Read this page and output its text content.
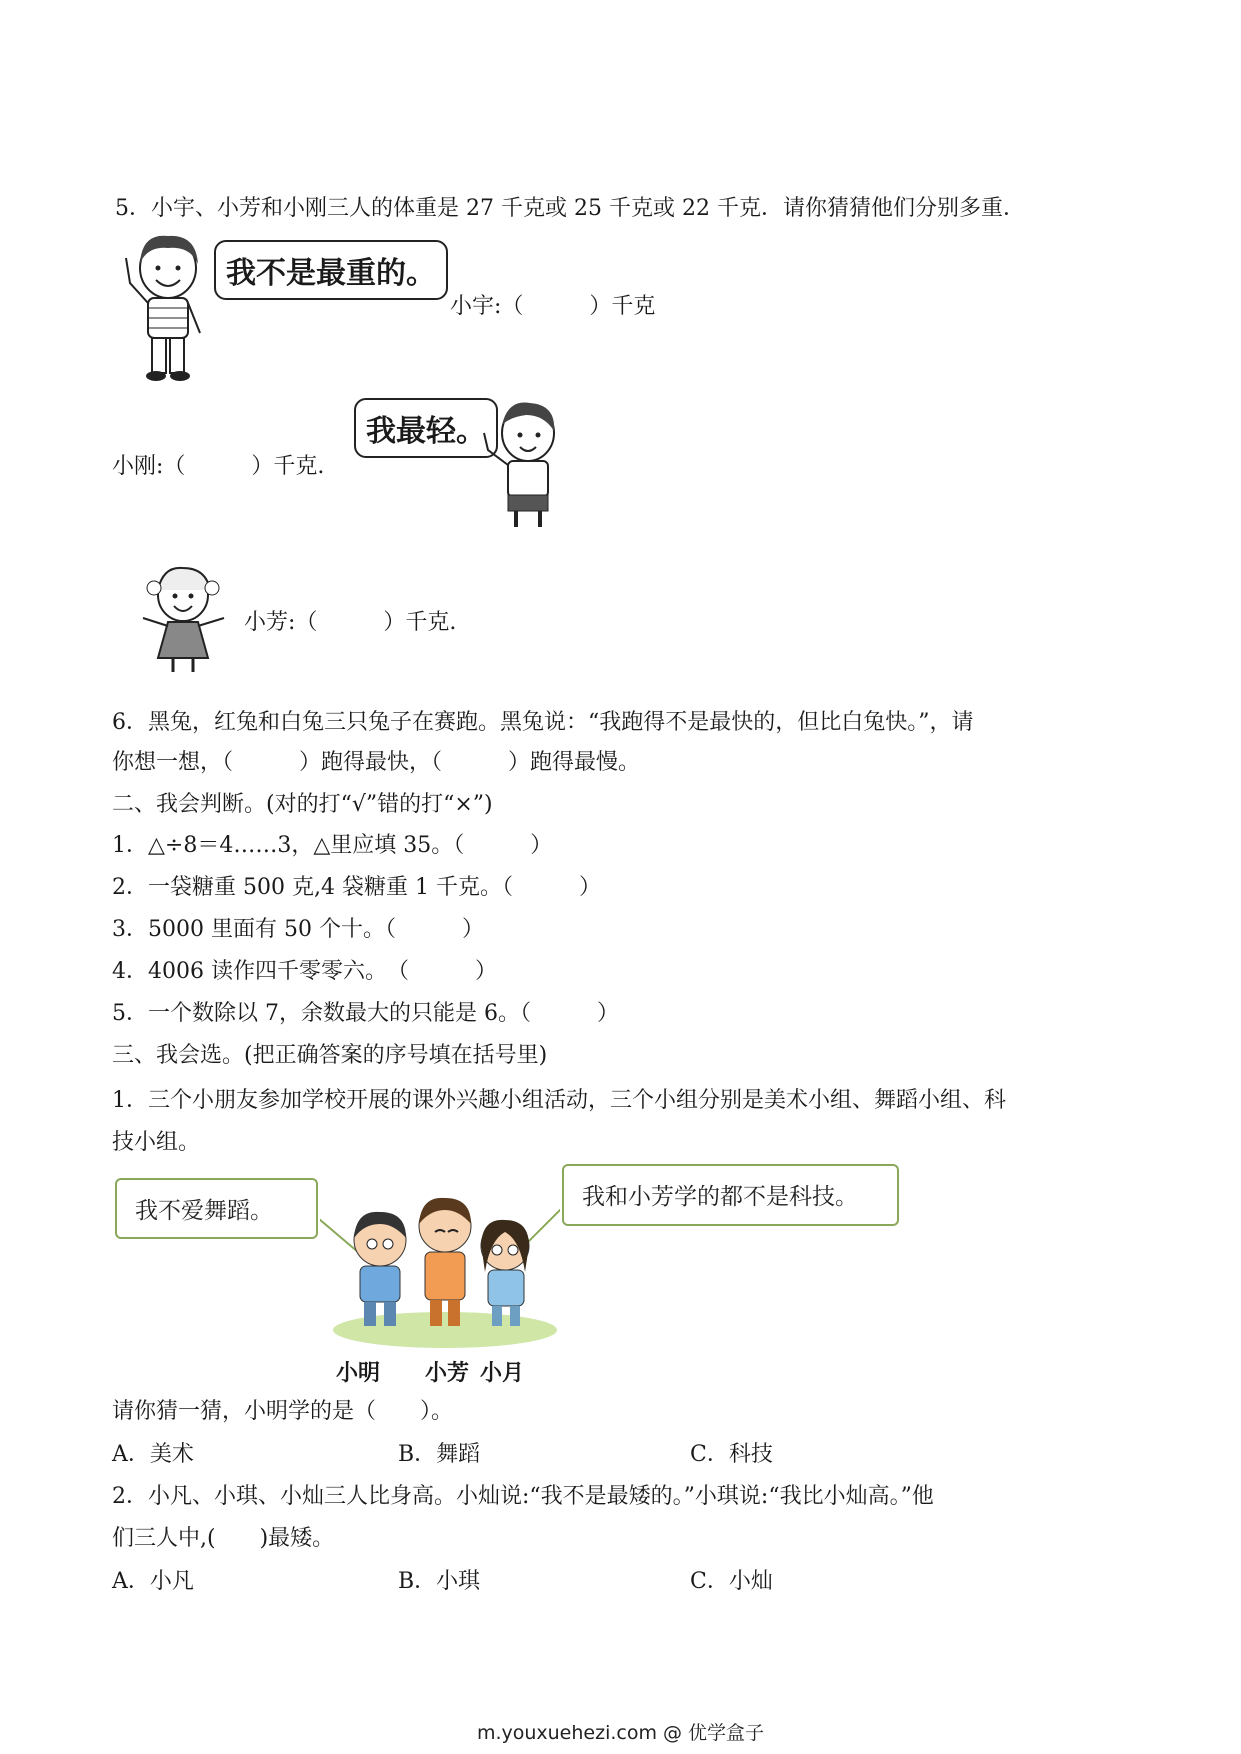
5．小宇、小芳和小刚三人的体重是 27 千克或 25 千克或 22 千克．请你猜猜他们分别多重．
我不是最重的。
小宇:（　　　）千克
小刚:（　　　）千克.
我最轻。
小芳:（　　　）千克.
6．黑兔，红兔和白兔三只兔子在赛跑。黑兔说：“我跑得不是最快的，但比白兔快。”，请
你想一想，（　　　）跑得最快，（　　　）跑得最慢。
二、我会判断。(对的打“√”错的打“×”)
1．△÷8＝4……3，△里应填 35。（　　　）
2．一袋糖重 500 克,4 袋糖重 1 千克。（　　　）
3．5000 里面有 50 个十。（　　　）
4．4006 读作四千零零六。　（　　　）
5．一个数除以 7，余数最大的只能是 6。（　　　）
三、我会选。(把正确答案的序号填在括号里)
1．三个小朋友参加学校开展的课外兴趣小组活动，三个小组分别是美术小组、舞蹈小组、科
技小组。
我不爱舞蹈。
我和小芳学的都不是科技。
小明 小芳 小月
请你猜一猜，小明学的是（　　）。
A．美术	B．舞蹈	C．科技
2．小凡、小琪、小灿三人比身高。小灿说:“我不是最矮的。”小琪说:“我比小灿高。”他
们三人中,(　　)最矮。
A．小凡	B．小琪	C．小灿
m.youxuehezi.com @ 优学盒子
